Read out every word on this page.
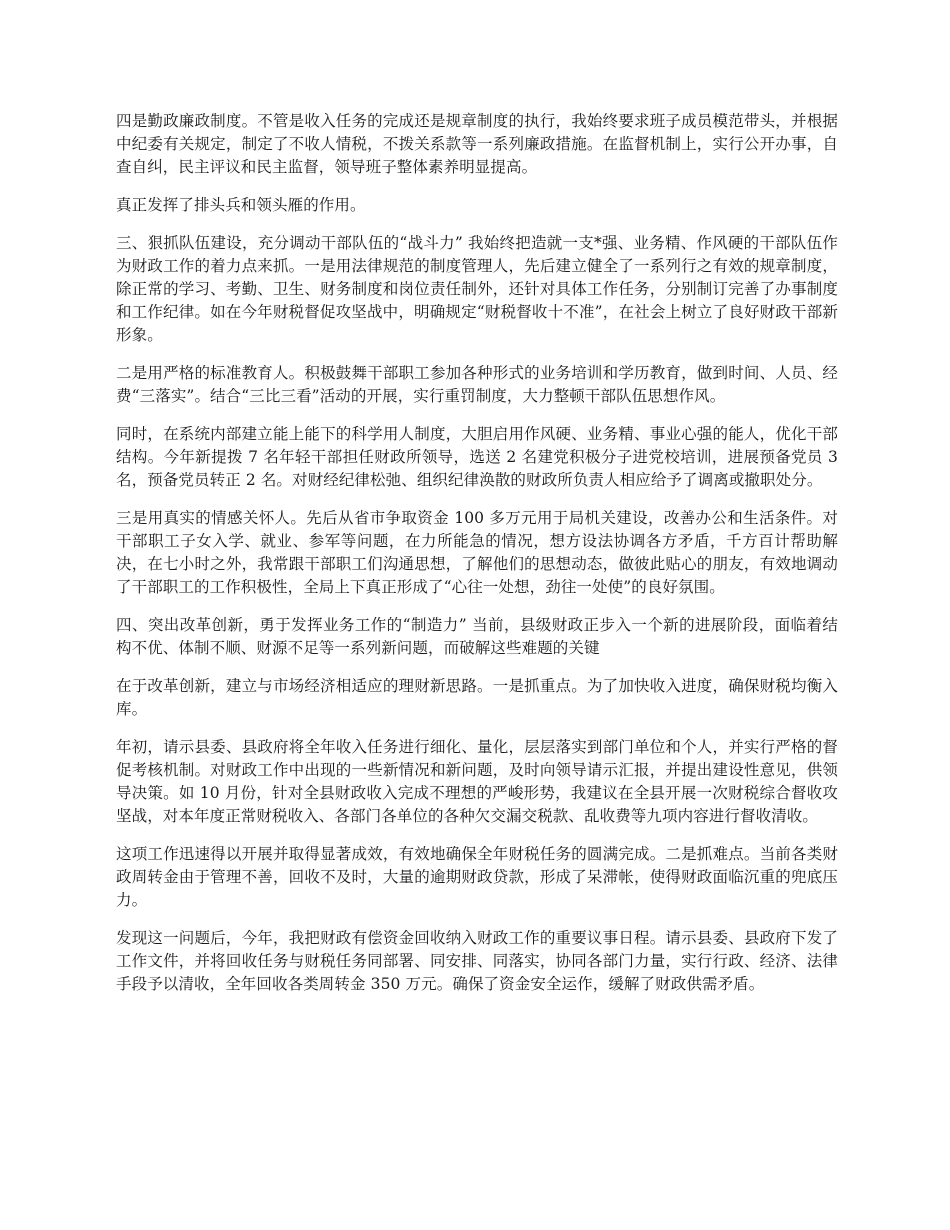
四是勤政廉政制度。不管是收入任务的完成还是规章制度的执行，我始终要求班子成员模范带头，并根据中纪委有关规定，制定了不收人情税，不拨关系款等一系列廉政措施。在监督机制上，实行公开办事，自查自纠，民主评议和民主监督，领导班子整体素养明显提高。

真正发挥了排头兵和领头雁的作用。

三、狠抓队伍建设，充分调动干部队伍的“战斗力” 我始终把造就一支*强、业务精、作风硬的干部队伍作为财政工作的着力点来抓。一是用法律规范的制度管理人，先后建立健全了一系列行之有效的规章制度，除正常的学习、考勤、卫生、财务制度和岗位责任制外，还针对具体工作任务，分别制订完善了办事制度和工作纪律。如在今年财税督促攻坚战中，明确规定“财税督收十不准”，在社会上树立了良好财政干部新形象。

二是用严格的标准教育人。积极鼓舞干部职工参加各种形式的业务培训和学历教育，做到时间、人员、经费“三落实”。结合“三比三看”活动的开展，实行重罚制度，大力整顿干部队伍思想作风。

同时，在系统内部建立能上能下的科学用人制度，大胆启用作风硬、业务精、事业心强的能人，优化干部结构。今年新提拨 7 名年轻干部担任财政所领导，选送 2 名建党积极分子进党校培训，进展预备党员 3 名，预备党员转正 2 名。对财经纪律松弛、组织纪律涣散的财政所负责人相应给予了调离或撤职处分。

三是用真实的情感关怀人。先后从省市争取资金 100 多万元用于局机关建设，改善办公和生活条件。对干部职工子女入学、就业、参军等问题，在力所能急的情况，想方设法协调各方矛盾，千方百计帮助解决，在七小时之外，我常跟干部职工们沟通思想，了解他们的思想动态，做彼此贴心的朋友，有效地调动了干部职工的工作积极性，全局上下真正形成了“心往一处想，劲往一处使”的良好氛围。

四、突出改革创新，勇于发挥业务工作的“制造力” 当前，县级财政正步入一个新的进展阶段，面临着结构不优、体制不顺、财源不足等一系列新问题，而破解这些难题的关键

在于改革创新，建立与市场经济相适应的理财新思路。一是抓重点。为了加快收入进度，确保财税均衡入库。

年初，请示县委、县政府将全年收入任务进行细化、量化，层层落实到部门单位和个人，并实行严格的督促考核机制。对财政工作中出现的一些新情况和新问题，及时向领导请示汇报，并提出建设性意见，供领导决策。如 10 月份，针对全县财政收入完成不理想的严峻形势，我建议在全县开展一次财税综合督收攻坚战，对本年度正常财税收入、各部门各单位的各种欠交漏交税款、乱收费等九项内容进行督收清收。

这项工作迅速得以开展并取得显著成效，有效地确保全年财税任务的圆满完成。二是抓难点。当前各类财政周转金由于管理不善，回收不及时，大量的逾期财政贷款，形成了呆滞帐，使得财政面临沉重的兜底压力。

发现这一问题后，今年，我把财政有偿资金回收纳入财政工作的重要议事日程。请示县委、县政府下发了工作文件，并将回收任务与财税任务同部署、同安排、同落实，协同各部门力量，实行行政、经济、法律手段予以清收，全年回收各类周转金 350 万元。确保了资金安全运作，缓解了财政供需矛盾。
